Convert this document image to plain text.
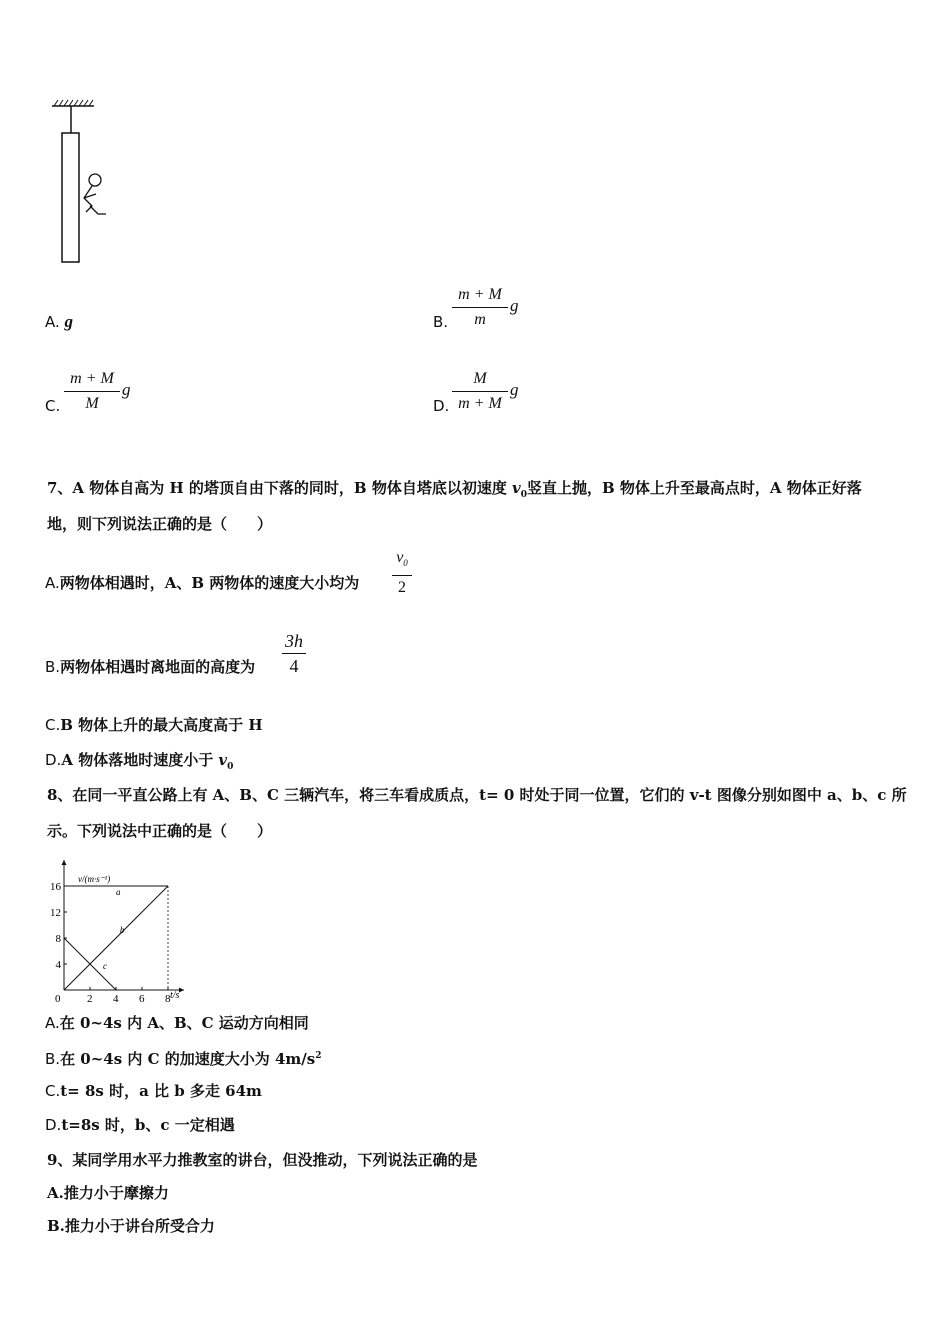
A. g	B.
m + M
m
g
C.
m + M
M
g
D.
M
m + M
g
7、A 物体自高为 H 的塔顶自由下落的同时，B 物体自塔底以初速度 $v_0$竖直上抛，B 物体上升至最高点时，A 物体正好落
地，则下列说法正确的是（　　）
A.两物体相遇时，A、B 两物体的速度大小均为
$v_0$
2
B.两物体相遇时离地面的高度为
3h
4
C.B 物体上升的最大高度高于 H
D.A 物体落地时速度小于 $v_0$
8、在同一平直公路上有 A、B、C 三辆汽车，将三车看成质点，t= 0 时处于同一位置，它们的 v-t 图像分别如图中 a、b、c 所
示。下列说法中正确的是（　　）
a
b
c
0 2 4 6 8
4
8
12
16
v/(m·s⁻¹)
t/s
A.在 0~4s 内 A、B、C 运动方向相同
B.在 0~4s 内 C 的加速度大小为 $4m/s^2$
C.t= 8s 时，a 比 b 多走 64m
D.t=8s 时，b、c 一定相遇
9、某同学用水平力推教室的讲台，但没推动，下列说法正确的是
A.推力小于摩擦力
B.推力小于讲台所受合力
